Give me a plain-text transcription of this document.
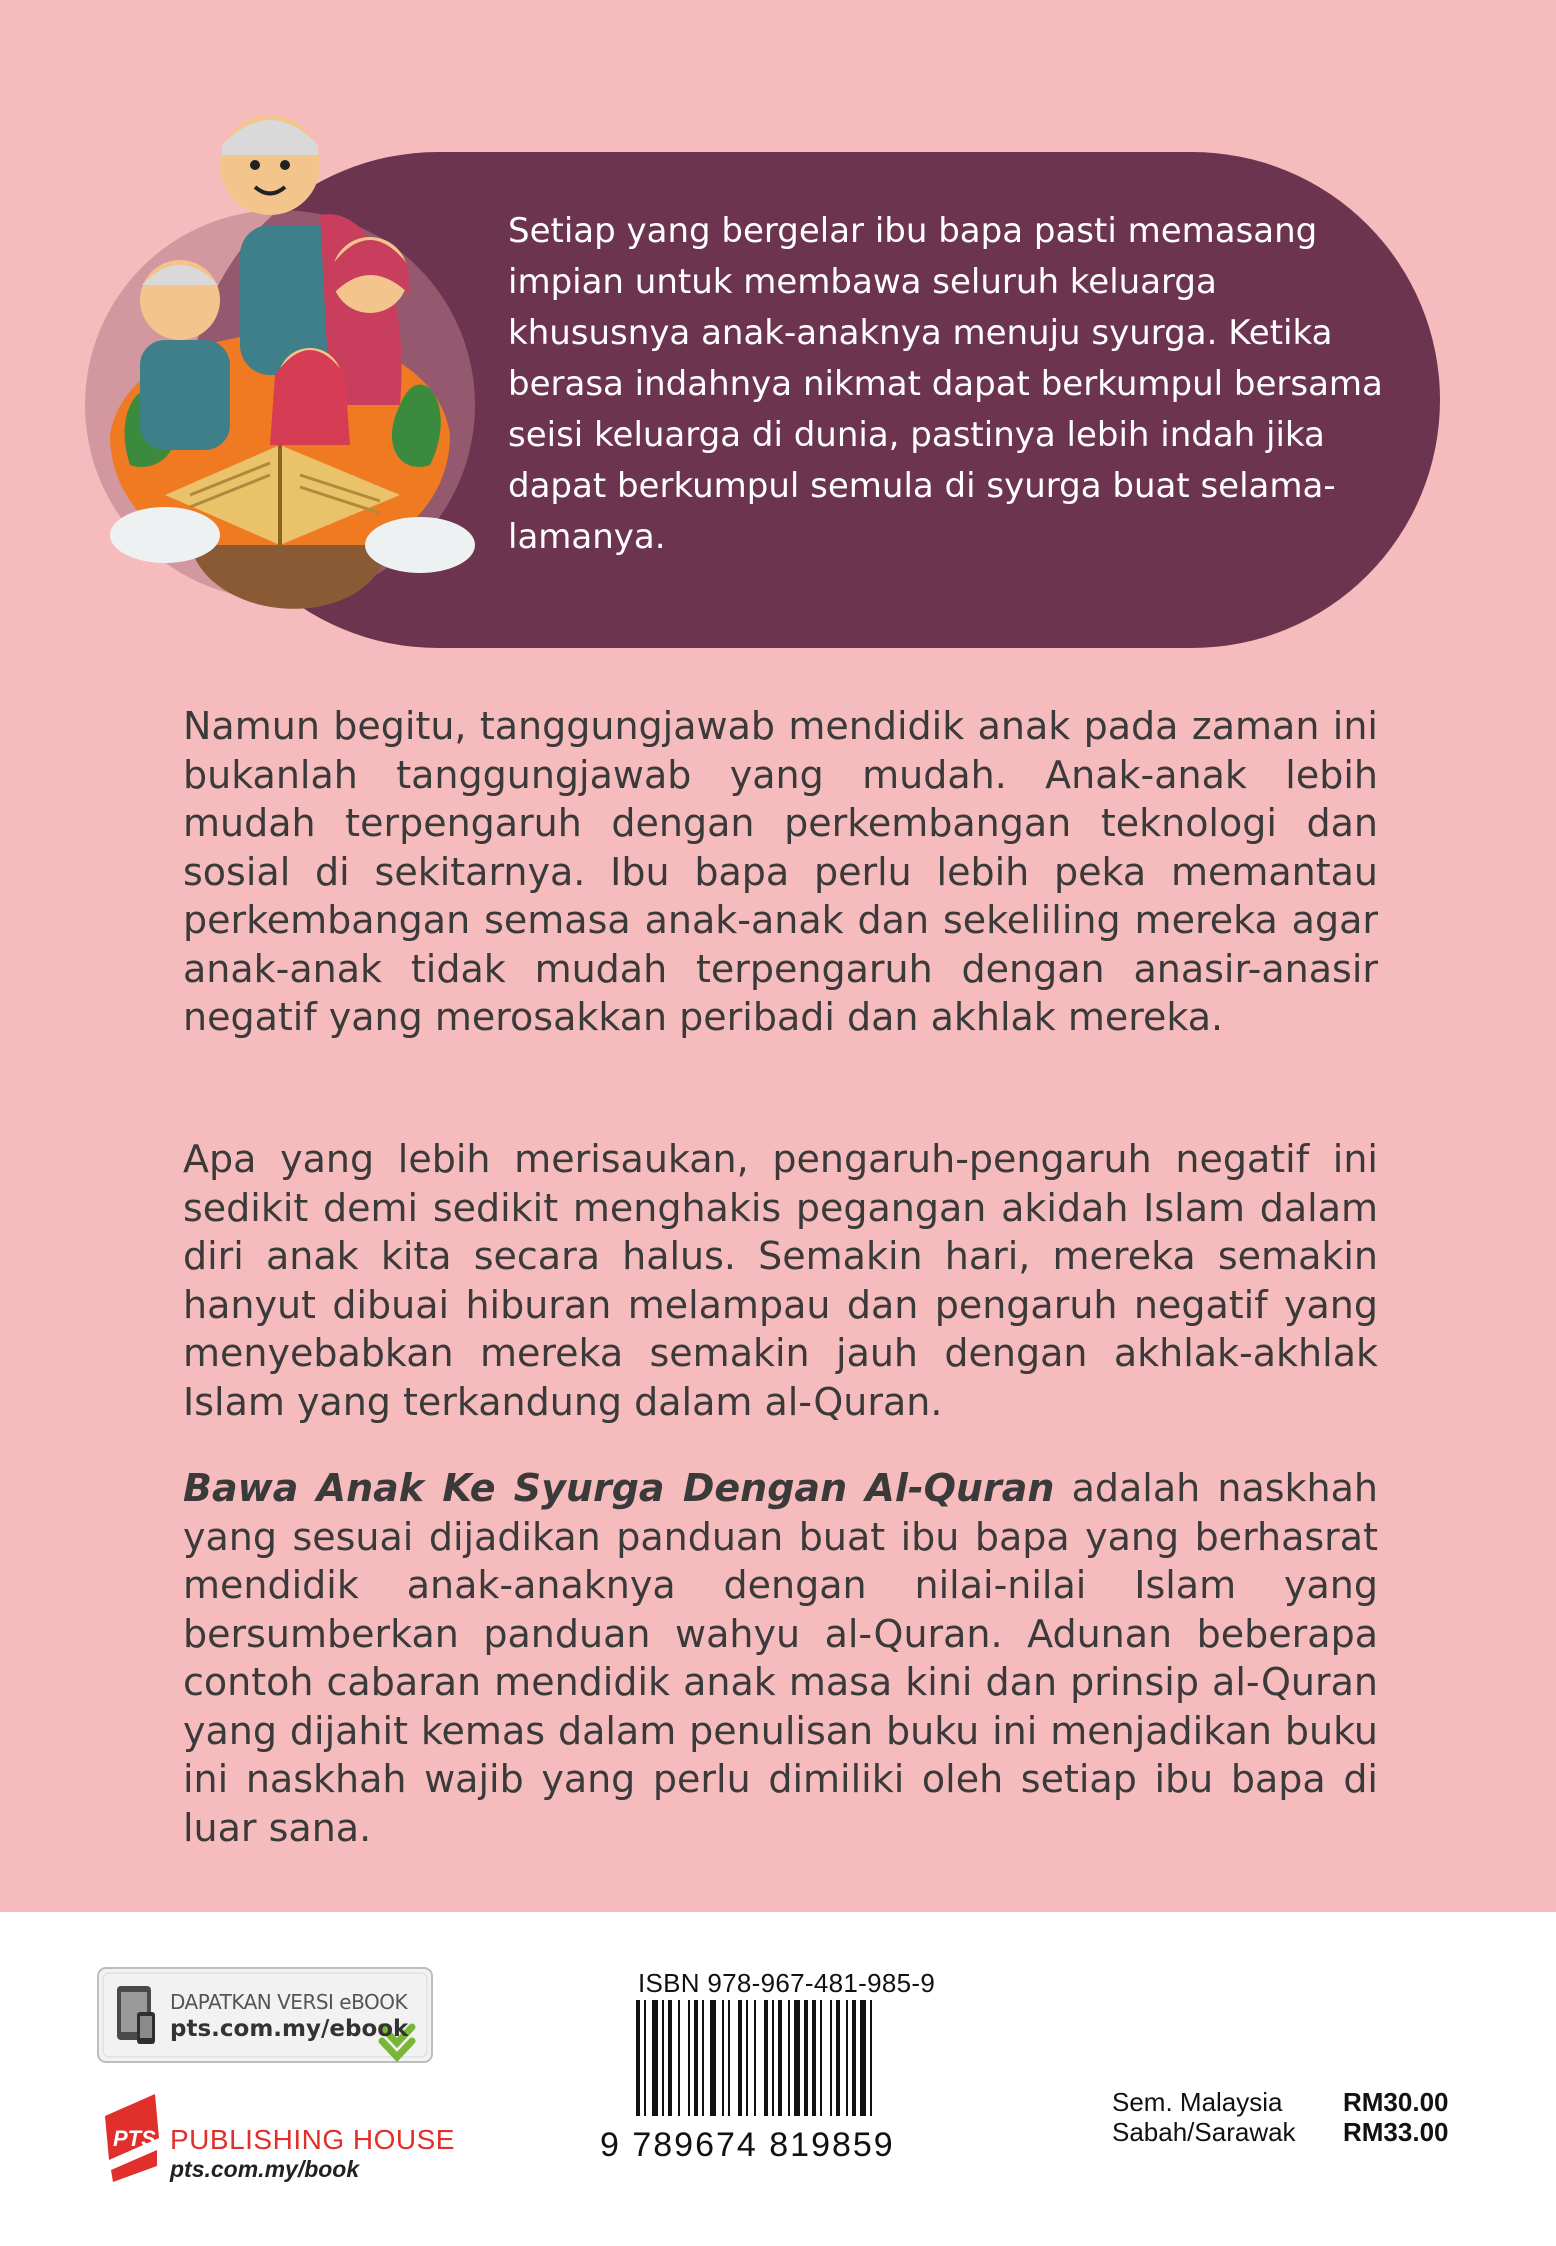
Setiap yang bergelar ibu bapa pasti memasang impian untuk membawa seluruh keluarga khususnya anak-anaknya menuju syurga. Ketika berasa indahnya nikmat dapat berkumpul bersama seisi keluarga di dunia, pastinya lebih indah jika dapat berkumpul semula di syurga buat selama-lamanya.

Namun begitu, tanggungjawab mendidik anak pada zaman ini bukanlah tanggungjawab yang mudah. Anak-anak lebih mudah terpengaruh dengan perkembangan teknologi dan sosial di sekitarnya. Ibu bapa perlu lebih peka memantau perkembangan semasa anak-anak dan sekeliling mereka agar anak-anak tidak mudah terpengaruh dengan anasir-anasir negatif yang merosakkan peribadi dan akhlak mereka.

Apa yang lebih merisaukan, pengaruh-pengaruh negatif ini sedikit demi sedikit menghakis pegangan akidah Islam dalam diri anak kita secara halus. Semakin hari, mereka semakin hanyut dibuai hiburan melampau dan pengaruh negatif yang menyebabkan mereka semakin jauh dengan akhlak-akhlak Islam yang terkandung dalam al-Quran.

Bawa Anak Ke Syurga Dengan Al-Quran adalah naskhah yang sesuai dijadikan panduan buat ibu bapa yang berhasrat mendidik anak-anaknya dengan nilai-nilai Islam yang bersumberkan panduan wahyu al-Quran. Adunan beberapa contoh cabaran mendidik anak masa kini dan prinsip al-Quran yang dijahit kemas dalam penulisan buku ini menjadikan buku ini naskhah wajib yang perlu dimiliki oleh setiap ibu bapa di luar sana.

DAPATKAN VERSI eBOOK
pts.com.my/ebook
PTS PUBLISHING HOUSE
pts.com.my/book
ISBN 978-967-481-985-9
9 789674 819859
Sem. Malaysia RM30.00
Sabah/Sarawak RM33.00
